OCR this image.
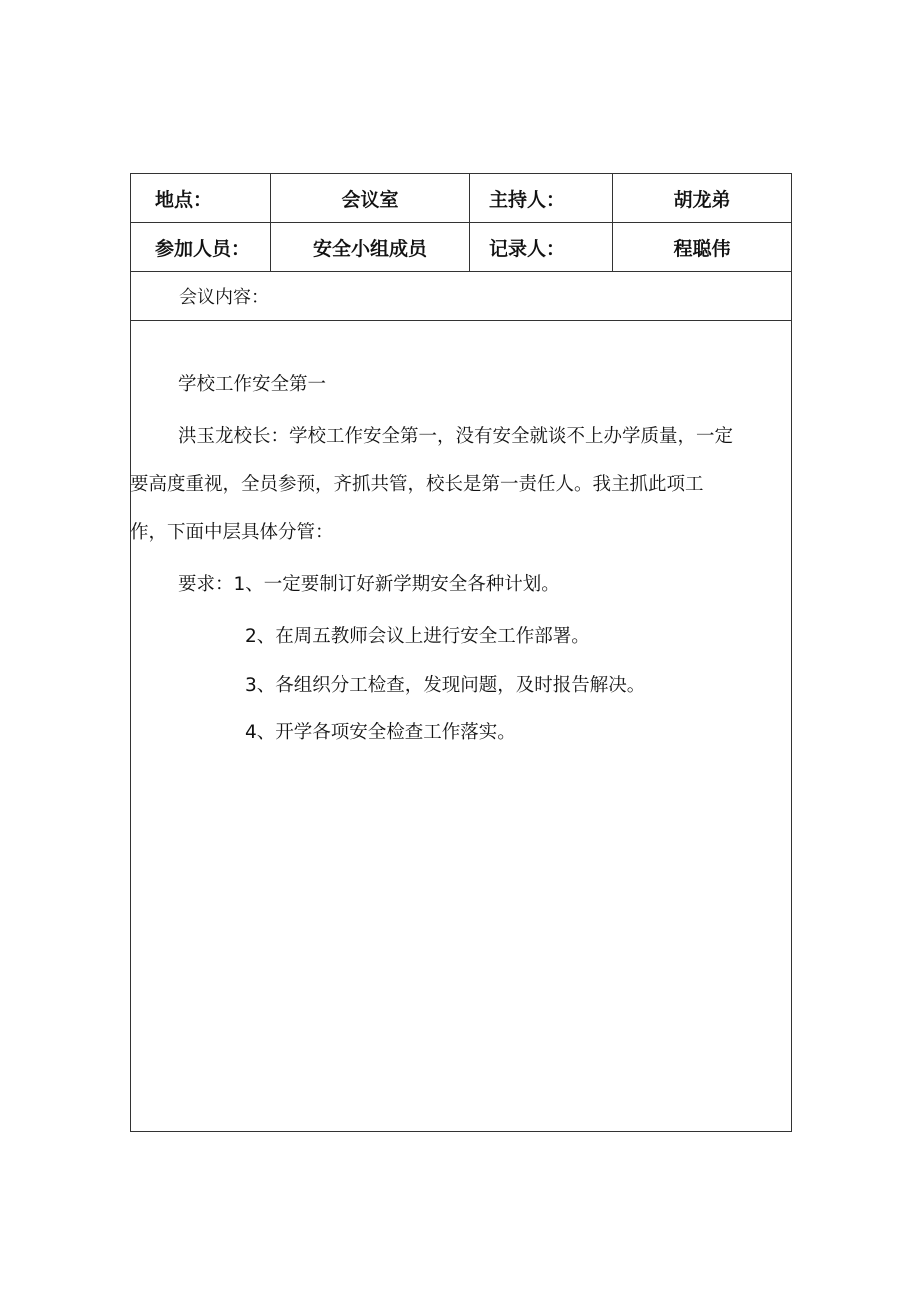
地点：	会议室	主持人：	胡龙弟
参加人员：	安全小组成员	记录人：	程聪伟
会议内容：
学校工作安全第一
洪玉龙校长：学校工作安全第一，没有安全就谈不上办学质量，一定
要高度重视，全员参预，齐抓共管，校长是第一责任人。我主抓此项工
作，下面中层具体分管：
要求：1、一定要制订好新学期安全各种计划。
2、在周五教师会议上进行安全工作部署。
3、各组织分工检查，发现问题，及时报告解决。
4、开学各项安全检查工作落实。
